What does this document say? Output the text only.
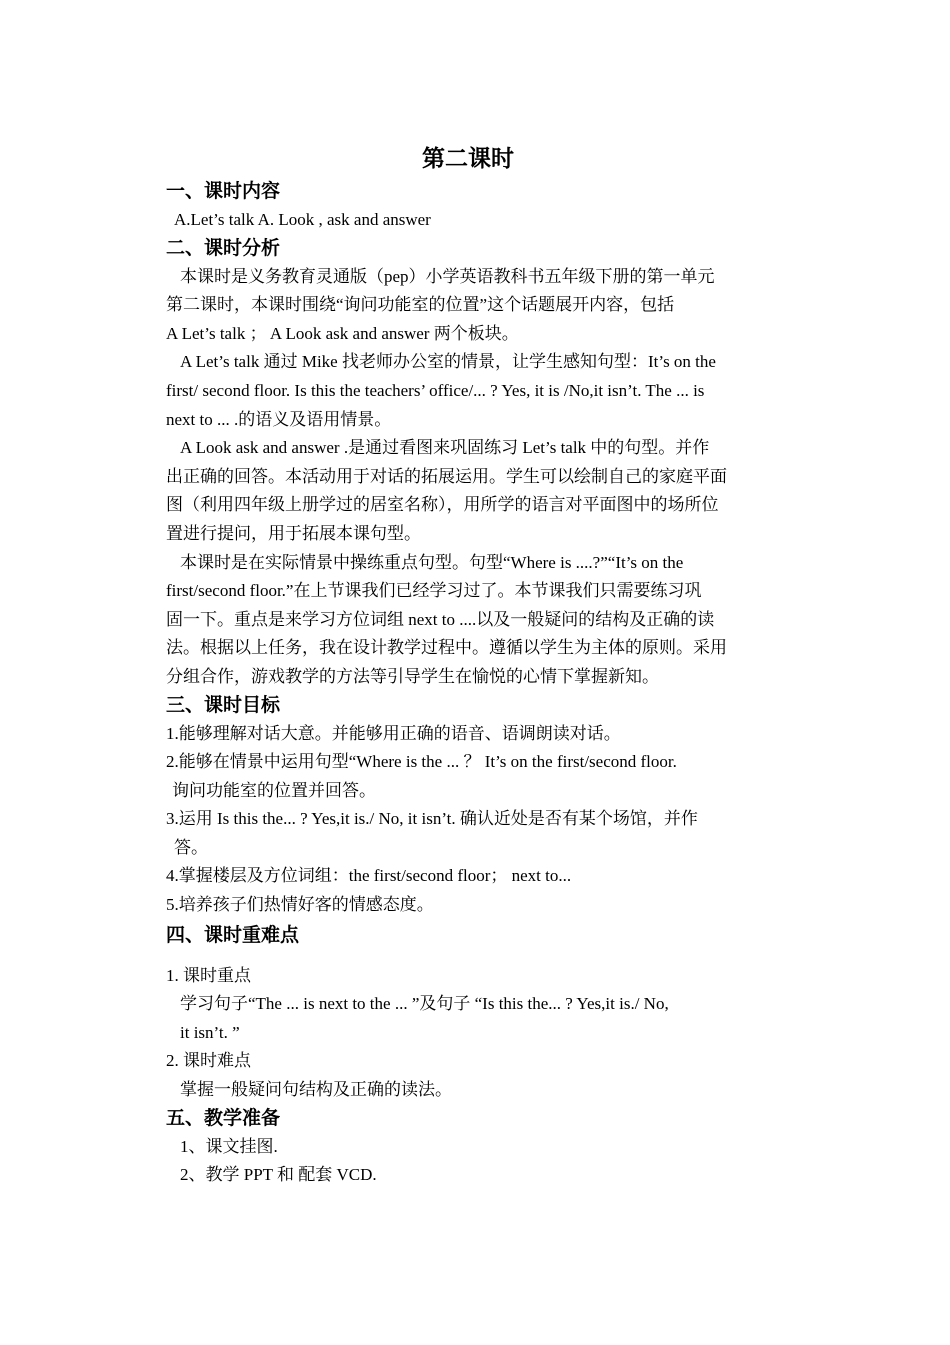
第二课时
一、课时内容
A.Let’s talk A. Look , ask and answer
二、课时分析
本课时是义务教育灵通版（pep）小学英语教科书五年级下册的第一单元
第二课时，本课时围绕“询问功能室的位置”这个话题展开内容，包括
A Let’s talk ； A Look ask and answer 两个板块。
A Let’s talk 通过 Mike 找老师办公室的情景，让学生感知句型：It’s on the
first/ second floor. Is this the teachers’ office/... ? Yes, it is /No,it isn’t. The ... is
next to ... .的语义及语用情景。
A Look ask and answer .是通过看图来巩固练习 Let’s talk 中的句型。并作
出正确的回答。本活动用于对话的拓展运用。学生可以绘制自己的家庭平面
图（利用四年级上册学过的居室名称），用所学的语言对平面图中的场所位
置进行提问，用于拓展本课句型。
本课时是在实际情景中操练重点句型。句型“Where is ....?”“It’s on the
first/second floor.”在上节课我们已经学习过了。本节课我们只需要练习巩
固一下。重点是来学习方位词组 next to ....以及一般疑问的结构及正确的读
法。根据以上任务，我在设计教学过程中。遵循以学生为主体的原则。采用
分组合作，游戏教学的方法等引导学生在愉悦的心情下掌握新知。
三、课时目标
1.能够理解对话大意。并能够用正确的语音、语调朗读对话。
2.能够在情景中运用句型“Where is the ... ？ It’s on the first/second floor.
询问功能室的位置并回答。
3.运用 Is this the... ? Yes,it is./ No, it isn’t. 确认近处是否有某个场馆，并作
答。
4.掌握楼层及方位词组：the first/second floor； next to...
5.培养孩子们热情好客的情感态度。
四、课时重难点
1. 课时重点
学习句子“The ... is next to the ... ”及句子 “Is this the... ? Yes,it is./ No,
it isn’t. ”
2. 课时难点
掌握一般疑问句结构及正确的读法。
五、教学准备
1、课文挂图.
2、教学 PPT 和 配套 VCD.
